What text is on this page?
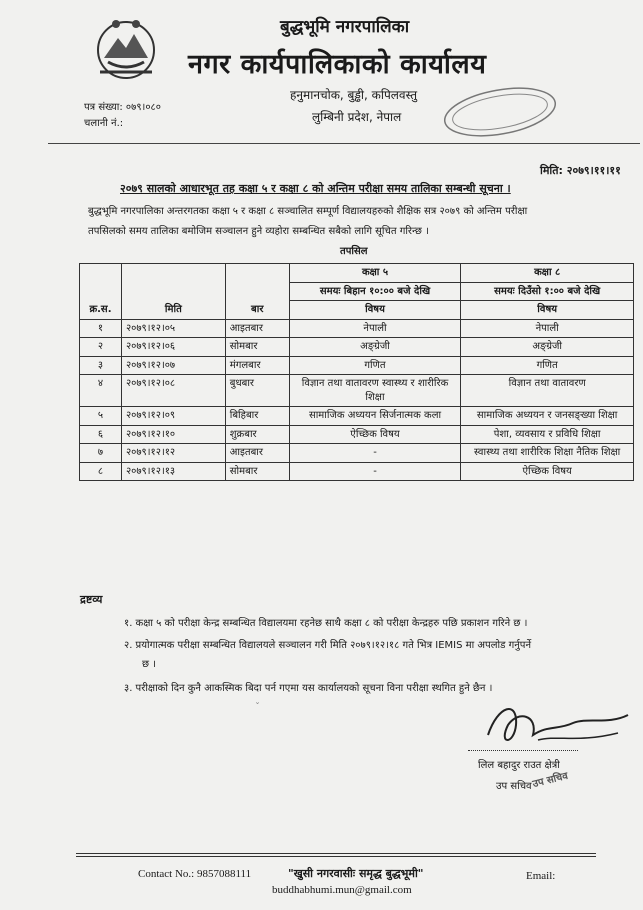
बुद्धभूमि नगरपालिका
नगर कार्यपालिकाको कार्यालय
हनुमानचोक, बुड्ढी, कपिलवस्तु
लुम्बिनी प्रदेश, नेपाल
पत्र संख्या: ०७९।०८०
चलानी नं.:
मिति: २०७९।११।११
२०७९ सालको आधारभूत तह कक्षा ५ र कक्षा ८ को अन्तिम परीक्षा समय तालिका सम्बन्धी सूचना ।
बुद्धभूमि नगरपालिका अन्तरगतका कक्षा ५ र कक्षा ८ सञ्चालित सम्पूर्ण विद्यालयहरुको शैक्षिक सत्र २०७९ को अन्तिम परीक्षा
तपसिलको समय तालिका बमोजिम सञ्चालन हुने व्यहोरा सम्बन्धित सबैको लागि सूचित गरिन्छ ।
तपसिल
क्र.स.	मिति	बार	कक्षा ५	कक्षा ८
			समयः बिहान १०:०० बजे देखि	समयः दिउँसो १:०० बजे देखि
			विषय	विषय
१	२०७९।१२।०५	आइतबार	नेपाली	नेपाली
२	२०७९।१२।०६	सोमबार	अङ्ग्रेजी	अङ्ग्रेजी
३	२०७९।१२।०७	मंगलबार	गणित	गणित
४	२०७९।१२।०८	बुधबार	विज्ञान तथा वातावरण स्वास्थ्य र शारीरिक शिक्षा	विज्ञान तथा वातावरण
५	२०७९।१२।०९	बिहिबार	सामाजिक अध्ययन सिर्जनात्मक कला	सामाजिक अध्ययन र जनसङ्ख्या शिक्षा
६	२०७९।१२।१०	शुक्रबार	ऐच्छिक विषय	पेशा, व्यवसाय र प्रविधि शिक्षा
७	२०७९।१२।१२	आइतबार	-	स्वास्थ्य तथा शारीरिक शिक्षा नैतिक शिक्षा
८	२०७९।१२।१३	सोमबार	-	ऐच्छिक विषय
द्रष्टव्य
१. कक्षा ५ को परीक्षा केन्द्र सम्बन्धित विद्यालयमा रहनेछ साथै कक्षा ८ को परीक्षा केन्द्रहरु पछि प्रकाशन गरिने छ ।
२. प्रयोगात्मक परीक्षा सम्बन्धित विद्यालयले सञ्चालन गरी मिति २०७९।१२।१८ गते भित्र IEMIS मा अपलोड गर्नुपर्ने
छ ।
३. परीक्षाको दिन कुनै आकस्मिक बिदा पर्न गएमा यस कार्यालयको सूचना विना परीक्षा स्थगित हुने छैन ।
ˇ
लिल बहादुर राउत क्षेत्री
उप सचिव उप सचिव
Contact No.: 9857088111	"खुसी नगरवासीः समृद्ध बुद्धभूमी"	Email:
buddhabhumi.mun@gmail.com
